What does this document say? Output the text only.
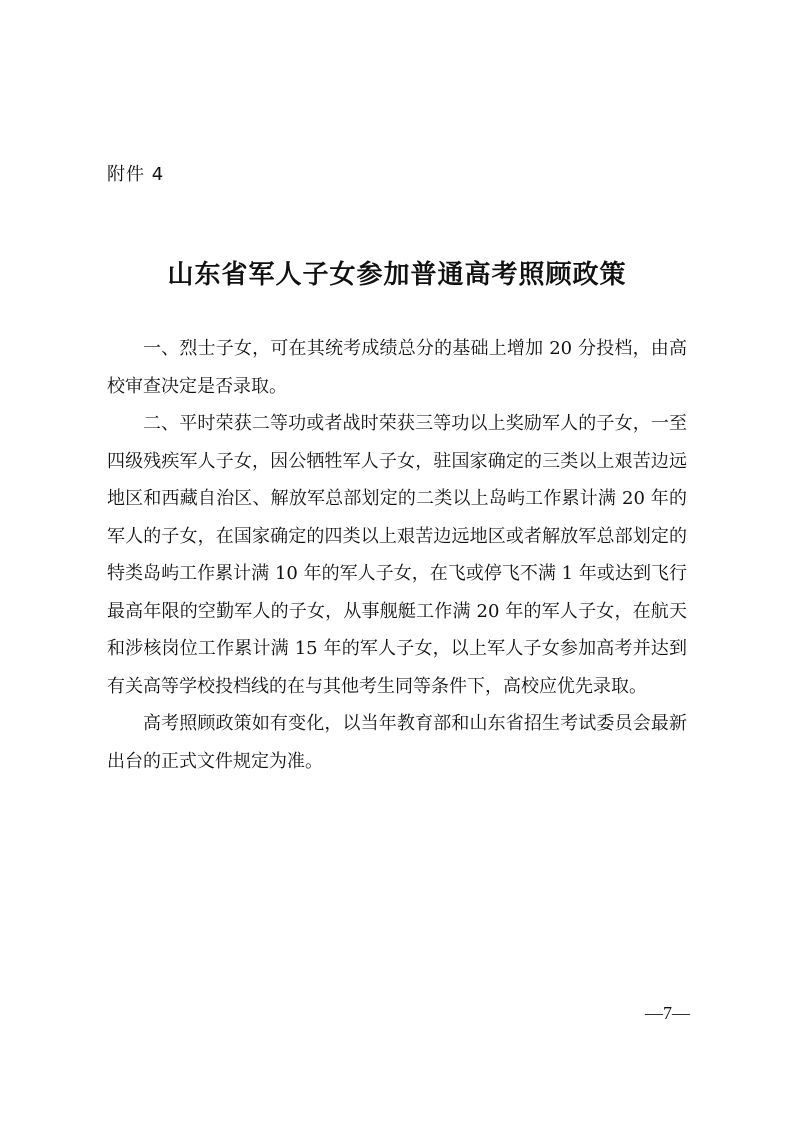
附件 4
山东省军人子女参加普通高考照顾政策

一、烈士子女，可在其统考成绩总分的基础上增加 20 分投档，由高校审查决定是否录取。

二、平时荣获二等功或者战时荣获三等功以上奖励军人的子女，一至四级残疾军人子女，因公牺牲军人子女，驻国家确定的三类以上艰苦边远地区和西藏自治区、解放军总部划定的二类以上岛屿工作累计满 20 年的军人的子女，在国家确定的四类以上艰苦边远地区或者解放军总部划定的特类岛屿工作累计满 10 年的军人子女，在飞或停飞不满 1 年或达到飞行最高年限的空勤军人的子女，从事舰艇工作满 20 年的军人子女，在航天和涉核岗位工作累计满 15 年的军人子女，以上军人子女参加高考并达到有关高等学校投档线的在与其他考生同等条件下，高校应优先录取。

高考照顾政策如有变化，以当年教育部和山东省招生考试委员会最新出台的正式文件规定为准。

—7—
